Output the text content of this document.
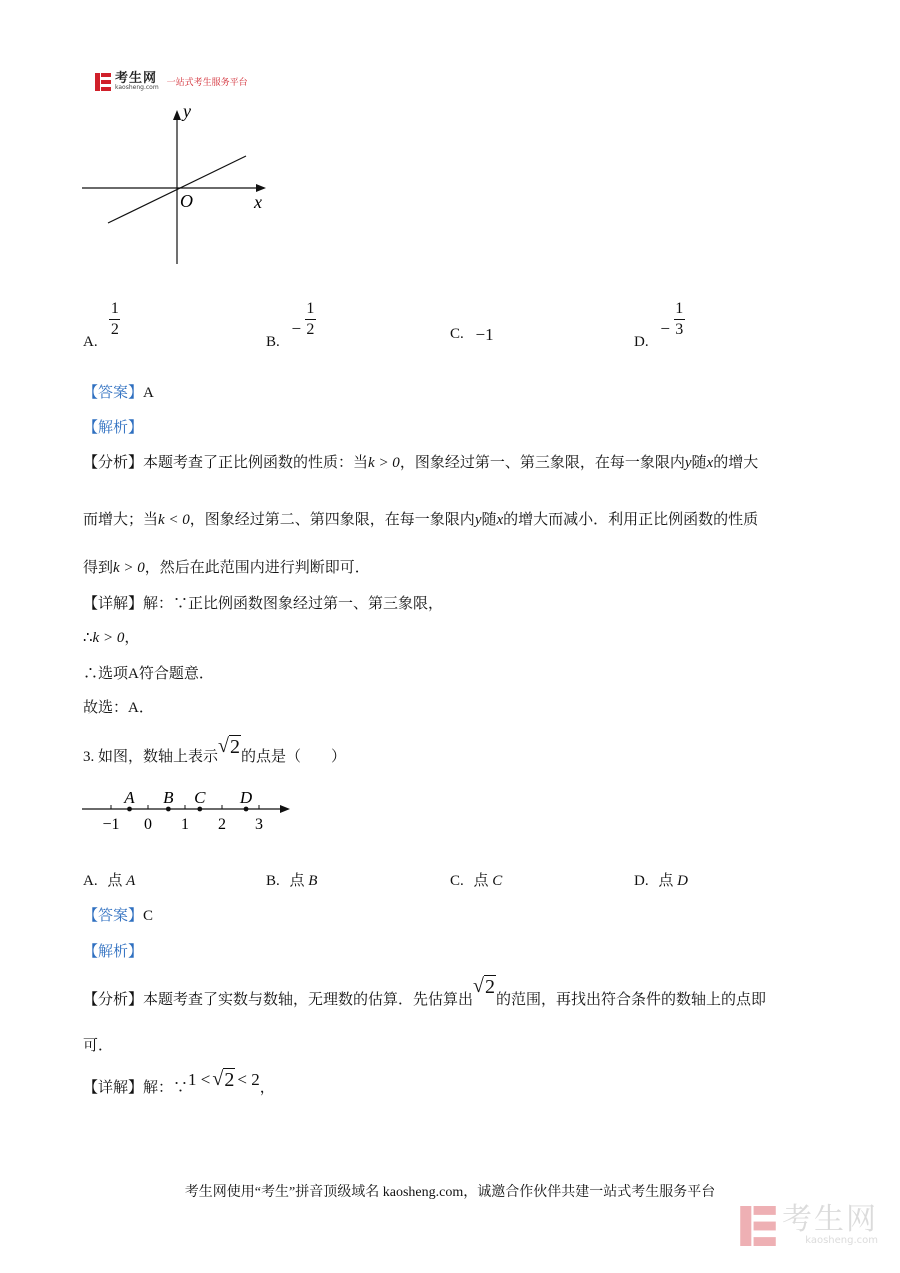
考生网
kaosheng.com 一站式考生服务平台
y
x
O
A.
$\frac{1}{2}$
B. − $\frac{1}{2}$	C. −1	D. − $\frac{1}{3}$
【答案】A
【解析】
【分析】本题考查了正比例函数的性质：当k > 0，图象经过第一、第三象限，在每一象限内y随x的增大
而增大；当k < 0，图象经过第二、第四象限，在每一象限内y随x的增大而减小．利用正比例函数的性质
得到k > 0，然后在此范围内进行判断即可．
【详解】解：∵正比例函数图象经过第一、第三象限，
∴k > 0，
∴选项A符合题意．
故选：A．
3. 如图，数轴上表示 √ 2 的点是（　　）
−1 0 1 2 3
A B C D
A. 点 A	B. 点 B	C. 点 C	D. 点 D
【答案】C
【解析】
【分析】本题考查了实数与数轴，无理数的估算．先估算出
√ 2
的范围，再找出符合条件的数轴上的点即
可．
【详解】解：∵1 < √ 2 < 2，
考生网使用“考生”拼音顶级域名 kaosheng.com，诚邀合作伙伴共建一站式考生服务平台
考生网
kaosheng.com
